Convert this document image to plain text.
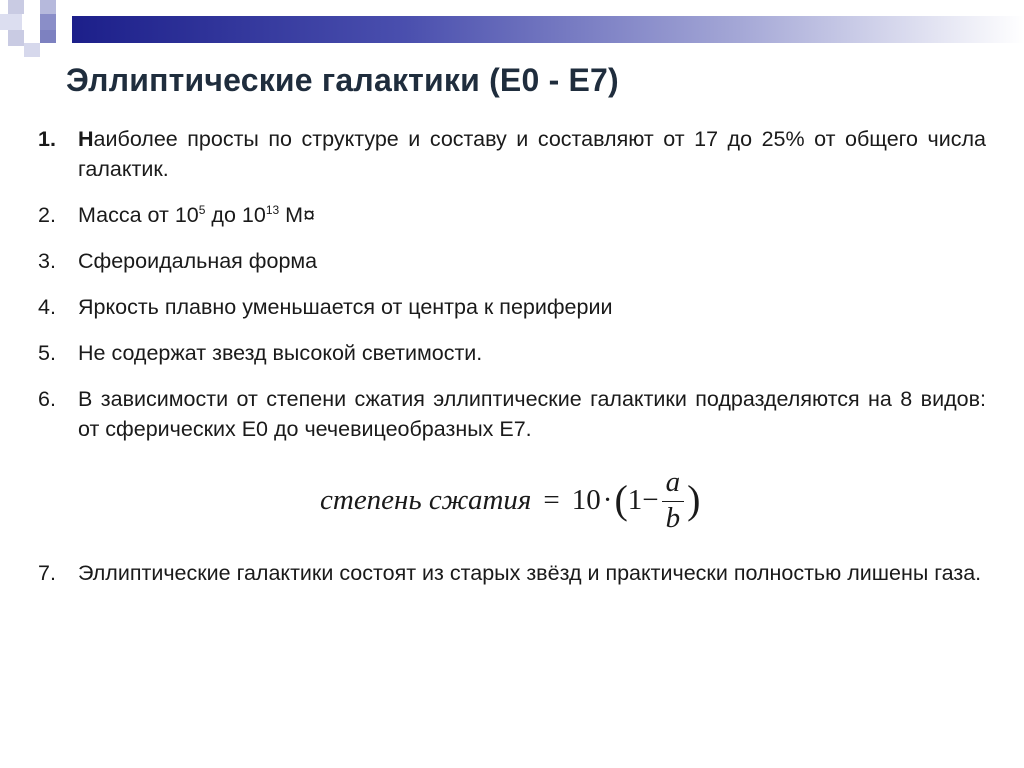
Эллиптические галактики (Е0 - Е7)
1. Наиболее просты по структуре и составу и составляют от 17 до 25% от общего числа галактик.
2. Масса от $10^5$ до $10^{13}$ M¤
3. Сфероидальная форма
4. Яркость плавно уменьшается от центра к периферии
5. Не содержат звезд высокой светимости.
6. В зависимости от степени сжатия эллиптические галактики подразделяются на 8 видов: от сферических Е0 до чечевицеобразных Е7.
степень сжатия = 10 · ( $1 - \frac{a}{b}$ )
7. Эллиптические галактики состоят из старых звёзд и практически полностью лишены газа.
